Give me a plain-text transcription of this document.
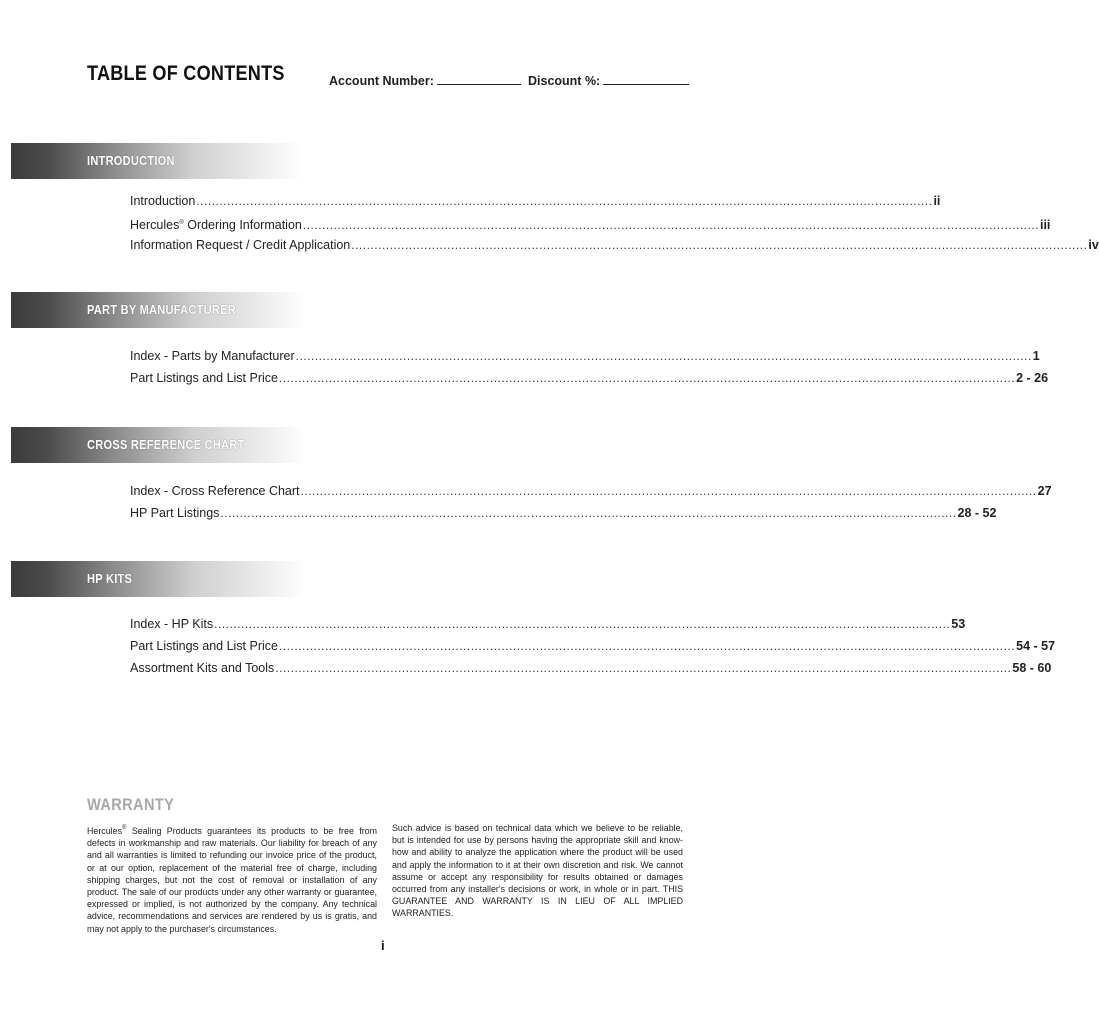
TABLE OF CONTENTS	Account Number:	Discount %:
INTRODUCTION
Introduction ................................................................................................................................................................................................ ii
Hercules® Ordering Information ................................................................................................................................................................................................ iii
Information Request / Credit Application ................................................................................................................................................................................................ iv
PART BY MANUFACTURER
Index - Parts by Manufacturer ................................................................................................................................................................................................ 1
Part Listings and List Price ................................................................................................................................................................................................ 2 - 26
CROSS REFERENCE CHART
Index - Cross Reference Chart ................................................................................................................................................................................................ 27
HP Part Listings ................................................................................................................................................................................................ 28 - 52
HP KITS
Index - HP Kits ................................................................................................................................................................................................ 53
Part Listings and List Price ................................................................................................................................................................................................ 54 - 57
Assortment Kits and Tools ................................................................................................................................................................................................ 58 - 60
WARRANTY
Hercules® Sealing Products guarantees its products to be free from defects in workmanship and raw materials. Our liability for breach of any and all warranties is limited to refunding our invoice price of the product, or at our option, replacement of the material free of charge, including shipping charges, but not the cost of removal or installation of any product. The sale of our products under any other warranty or guarantee, expressed or implied, is not authorized by the company. Any technical advice, recommendations and services are rendered by us is gratis, and may not apply to the purchaser's circumstances.
Such advice is based on technical data which we believe to be reliable, but is intended for use by persons having the appropriate skill and know-how and ability to analyze the application where the product will be used and apply the information to it at their own discretion and risk. We cannot assume or accept any responsibility for results obtained or damages occurred from any installer's decisions or work, in whole or in part. THIS GUARANTEE AND WARRANTY IS IN LIEU OF ALL IMPLIED WARRANTIES.
i
